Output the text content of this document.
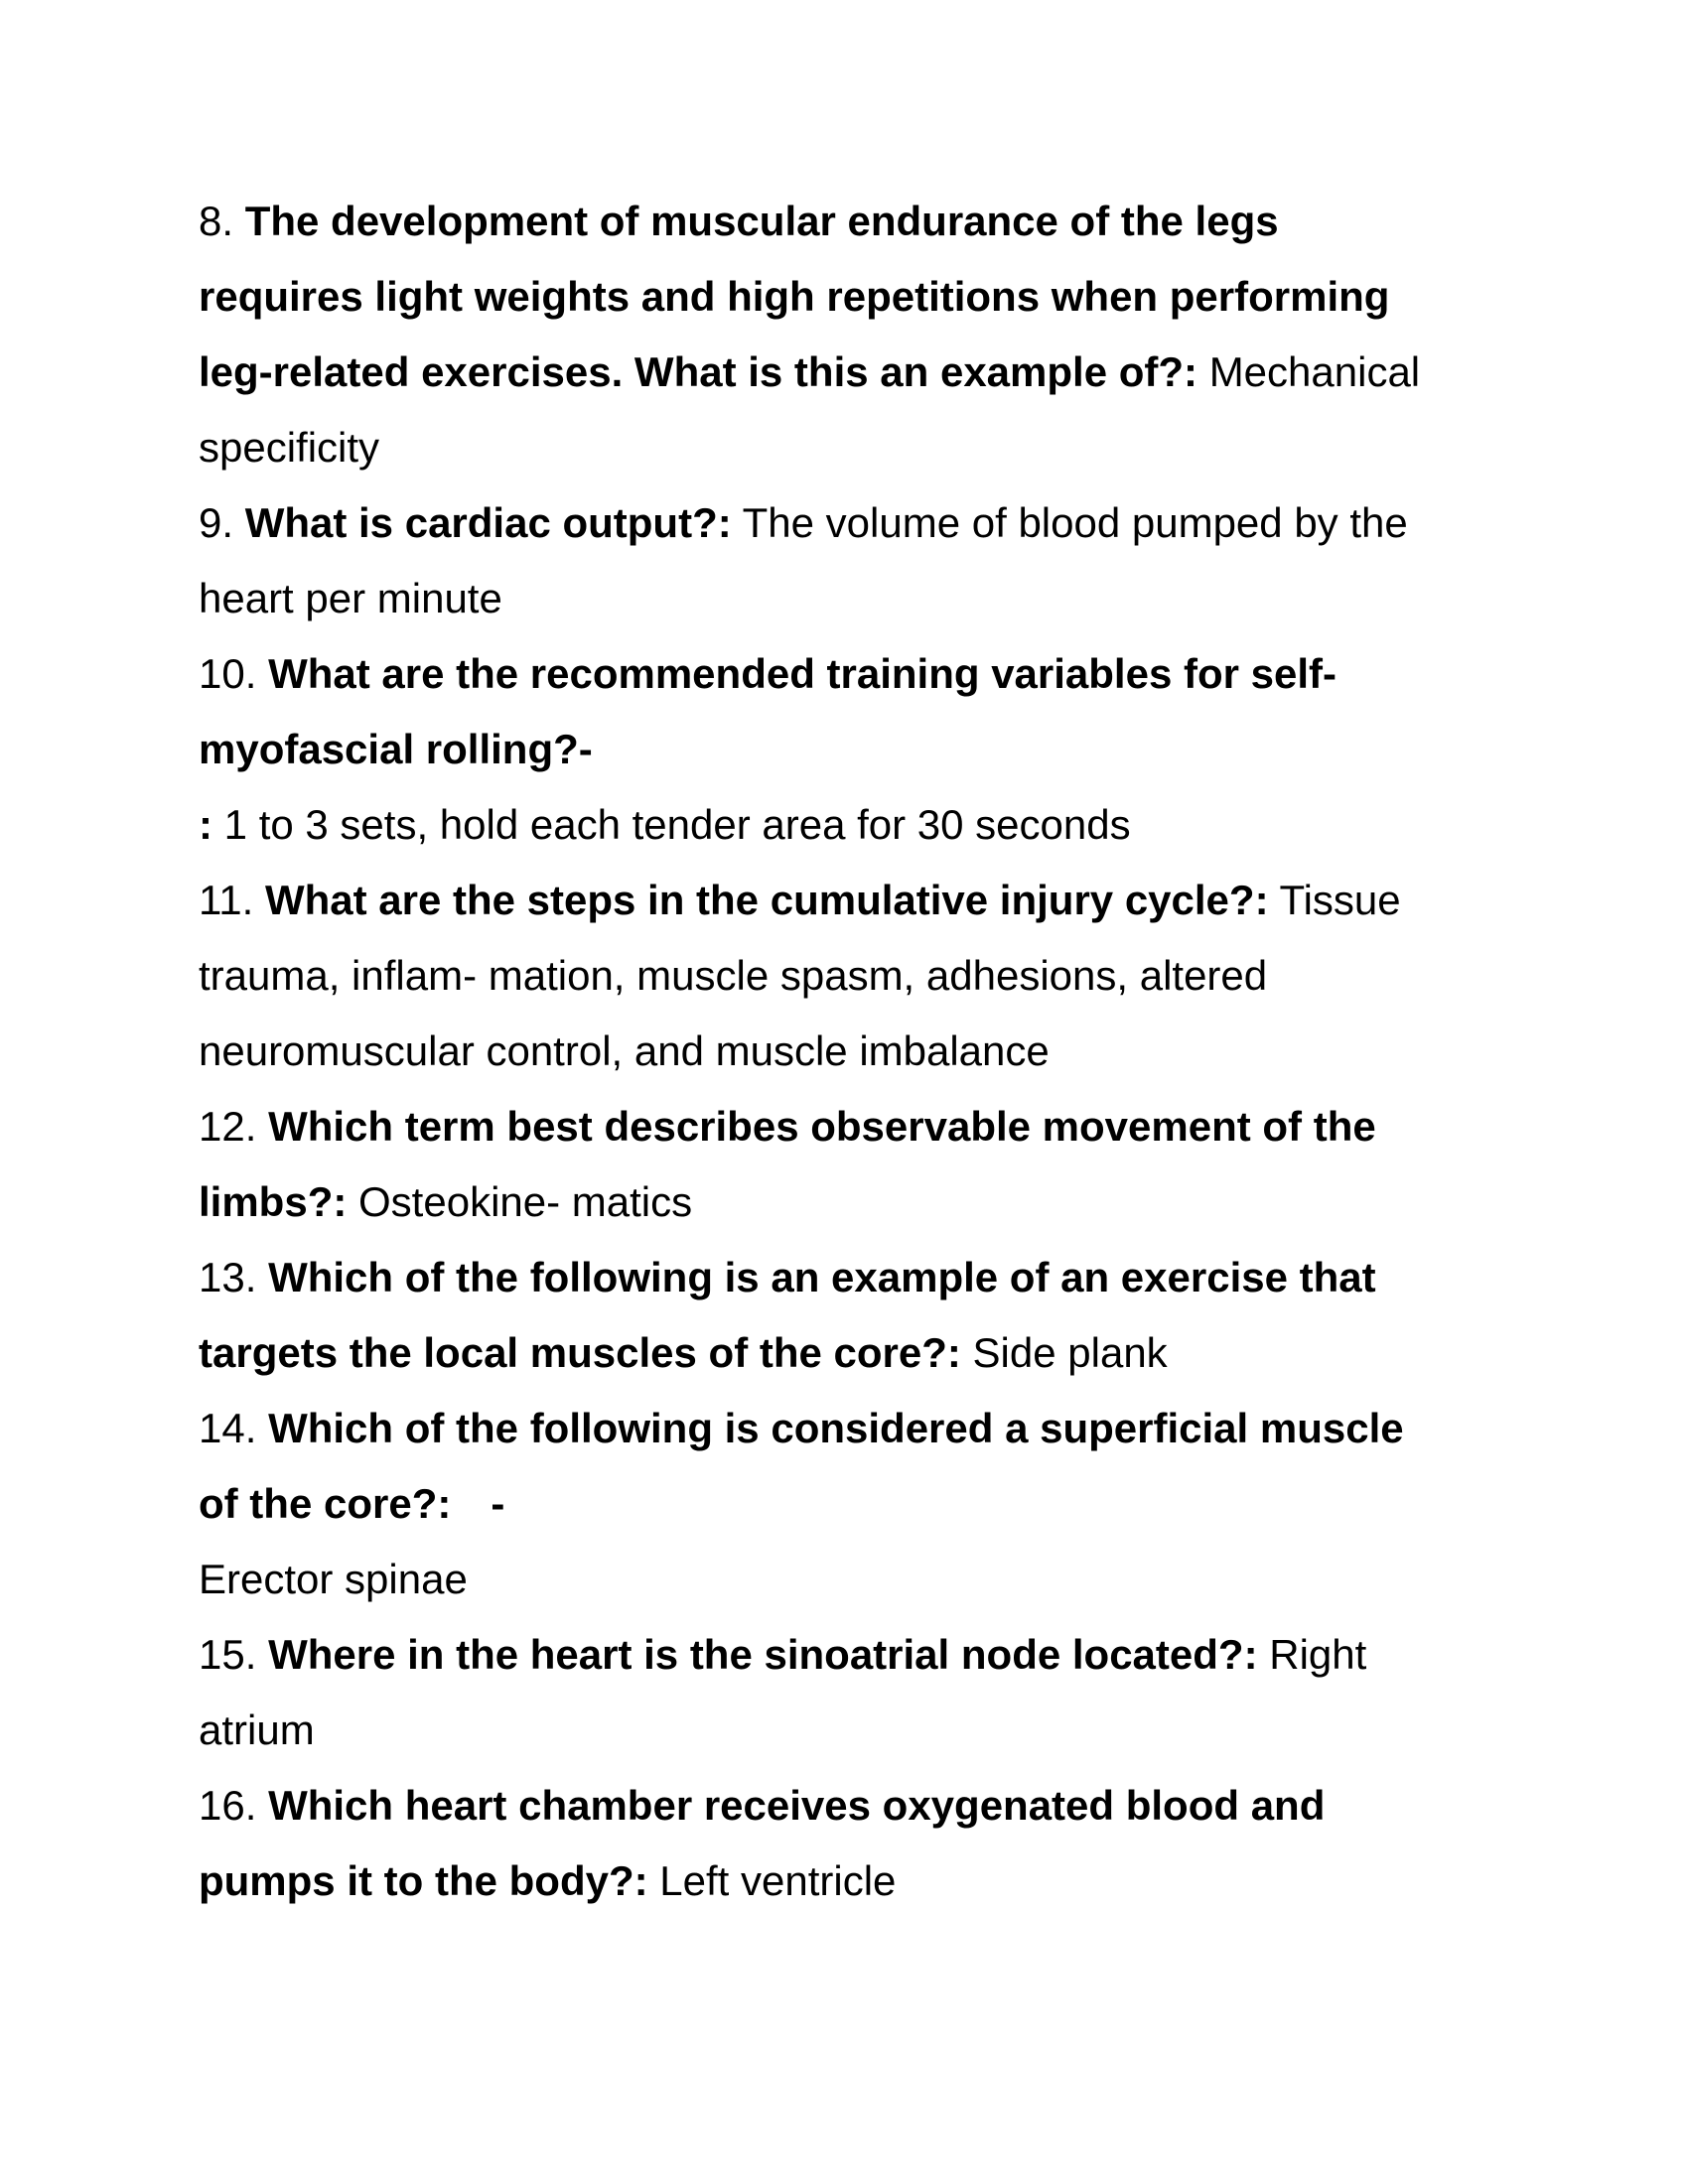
8. The development of muscular endurance of the legs
requires light weights and high repetitions when performing
leg-related exercises. What is this an example of?: Mechanical
specificity
9. What is cardiac output?: The volume of blood pumped by the
heart per minute
10. What are the recommended training variables for self-
myofascial rolling?-
: 1 to 3 sets, hold each tender area for 30 seconds
11. What are the steps in the cumulative injury cycle?: Tissue
trauma, inflam- mation, muscle spasm, adhesions, altered
neuromuscular control, and muscle imbalance
12. Which term best describes observable movement of the
limbs?: Osteokine- matics
13. Which of the following is an example of an exercise that
targets the local muscles of the core?: Side plank
14. Which of the following is considered a superficial muscle
of the core?: -
Erector spinae
15. Where in the heart is the sinoatrial node located?: Right
atrium
16. Which heart chamber receives oxygenated blood and
pumps it to the body?: Left ventricle
